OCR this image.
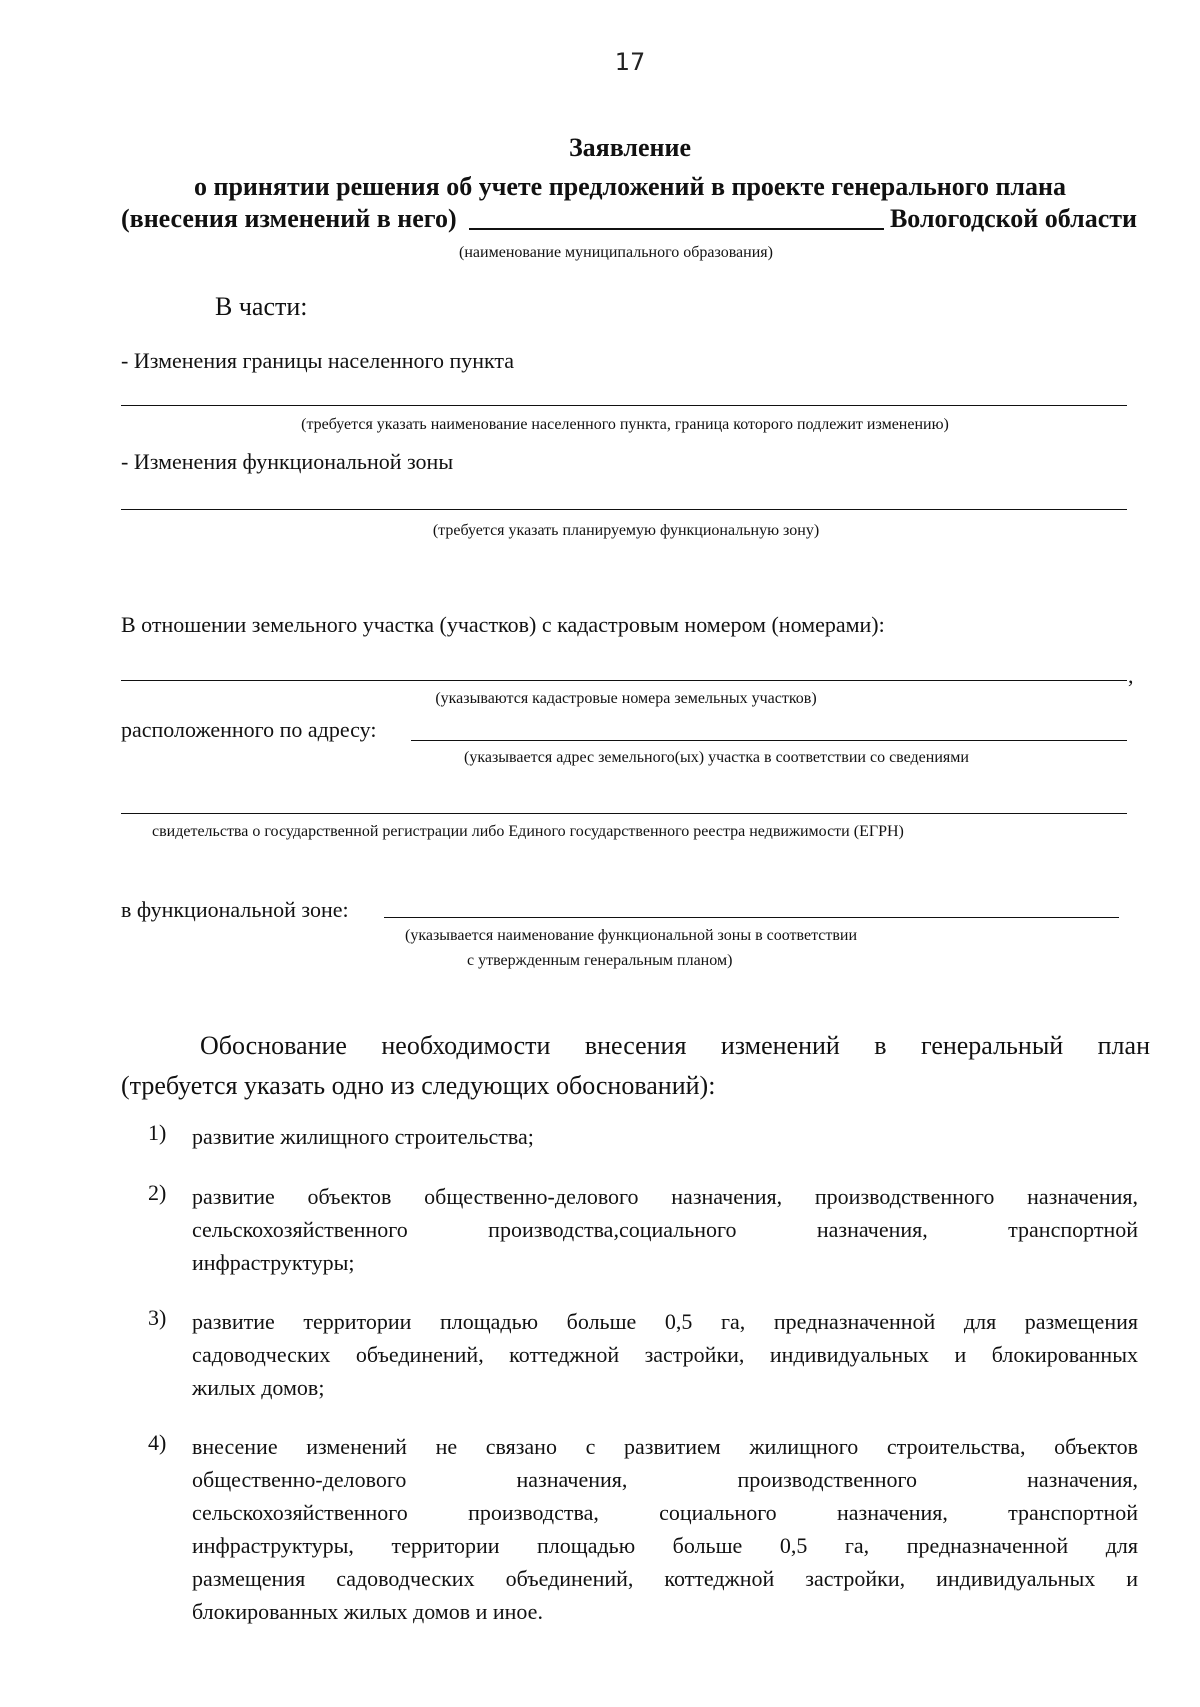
17
Заявление
о принятии решения об учете предложений в проекте генерального плана
(внесения изменений в него)	Вологодской области
(наименование муниципального образования)
В части:
- Изменения границы населенного пункта
(требуется указать наименование населенного пункта, граница которого подлежит изменению)
- Изменения функциональной зоны
(требуется указать планируемую функциональную зону)
В отношении земельного участка (участков) с кадастровым номером (номерами):
,
(указываются кадастровые номера земельных участков)
расположенного по адресу:
(указывается адрес земельного(ых) участка в соответствии со сведениями
свидетельства о государственной регистрации либо Единого государственного реестра недвижимости (ЕГРН)
в функциональной зоне:
(указывается наименование функциональной зоны в соответствии
с утвержденным генеральным планом)
Обоснование необходимости внесения изменений в генеральный план
(требуется указать одно из следующих обоснований):
1)	развитие жилищного строительства;
2)	развитие объектов общественно-делового назначения, производственного назначения,
сельскохозяйственного производства,социального назначения, транспортной
инфраструктуры;
3)	развитие территории площадью больше 0,5 га, предназначенной для размещения
садоводческих объединений, коттеджной застройки, индивидуальных и блокированных
жилых домов;
4)	внесение изменений не связано с развитием жилищного строительства, объектов
общественно-делового назначения, производственного назначения,
сельскохозяйственного производства, социального назначения, транспортной
инфраструктуры, территории площадью больше 0,5 га, предназначенной для
размещения садоводческих объединений, коттеджной застройки, индивидуальных и
блокированных жилых домов и иное.
